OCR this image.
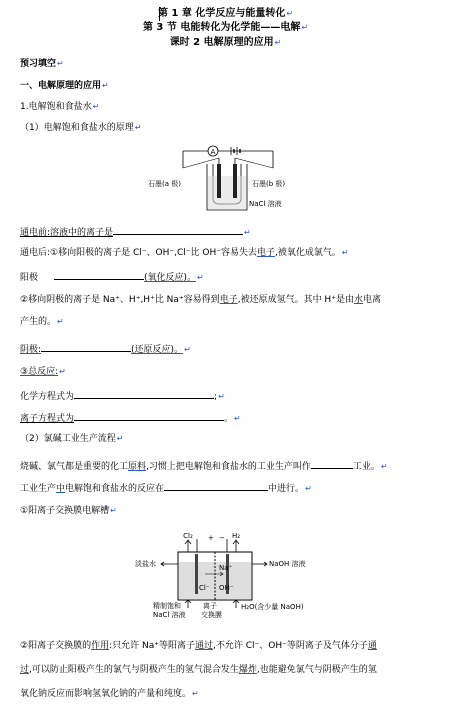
第 1 章 化学反应与能量转化↵
第 3 节 电能转化为化学能——电解↵
课时 2 电解原理的应用↵
预习填空↵
一、电解原理的应用↵
1.电解饱和食盐水↵
（1）电解饱和食盐水的原理↵
A
石墨(a 极)	石墨(b 极)
NaCl 溶液
通电前:溶液中的离子是	↵
通电后:①移向阳极的离子是 Cl⁻、OH⁻,Cl⁻比 OH⁻容易失去电子,被氧化成氯气。↵
阳极	(氧化反应)。↵
②移向阴极的离子是 Na⁺、H⁺,H⁺比 Na⁺容易得到电子,被还原成氢气。其中 H⁺是由水电离
产生的。↵
阴极:	(还原反应)。↵
③总反应:↵
化学方程式为	;↵
离子方程式为	。↵
（2）氯碱工业生产流程↵
烧碱、氯气都是重要的化工原料,习惯上把电解饱和食盐水的工业生产叫作	工业。↵
工业生产中电解饱和食盐水的反应在	中进行。↵
①阳离子交换膜电解槽↵
Cl₂	H₂
+ −
Na⁺
Cl⁻ OH⁻
淡盐水	NaOH 溶液
精制饱和
NaCl 溶液
离子
交换膜
H₂O(含少量 NaOH)
②阳离子交换膜的作用:只允许 Na⁺等阳离子通过,不允许 Cl⁻、OH⁻等阴离子及气体分子通
过,可以防止阳极产生的氯气与阴极产生的氢气混合发生爆炸,也能避免氯气与阴极产生的氢
氧化钠反应而影响氢氧化钠的产量和纯度。↵
